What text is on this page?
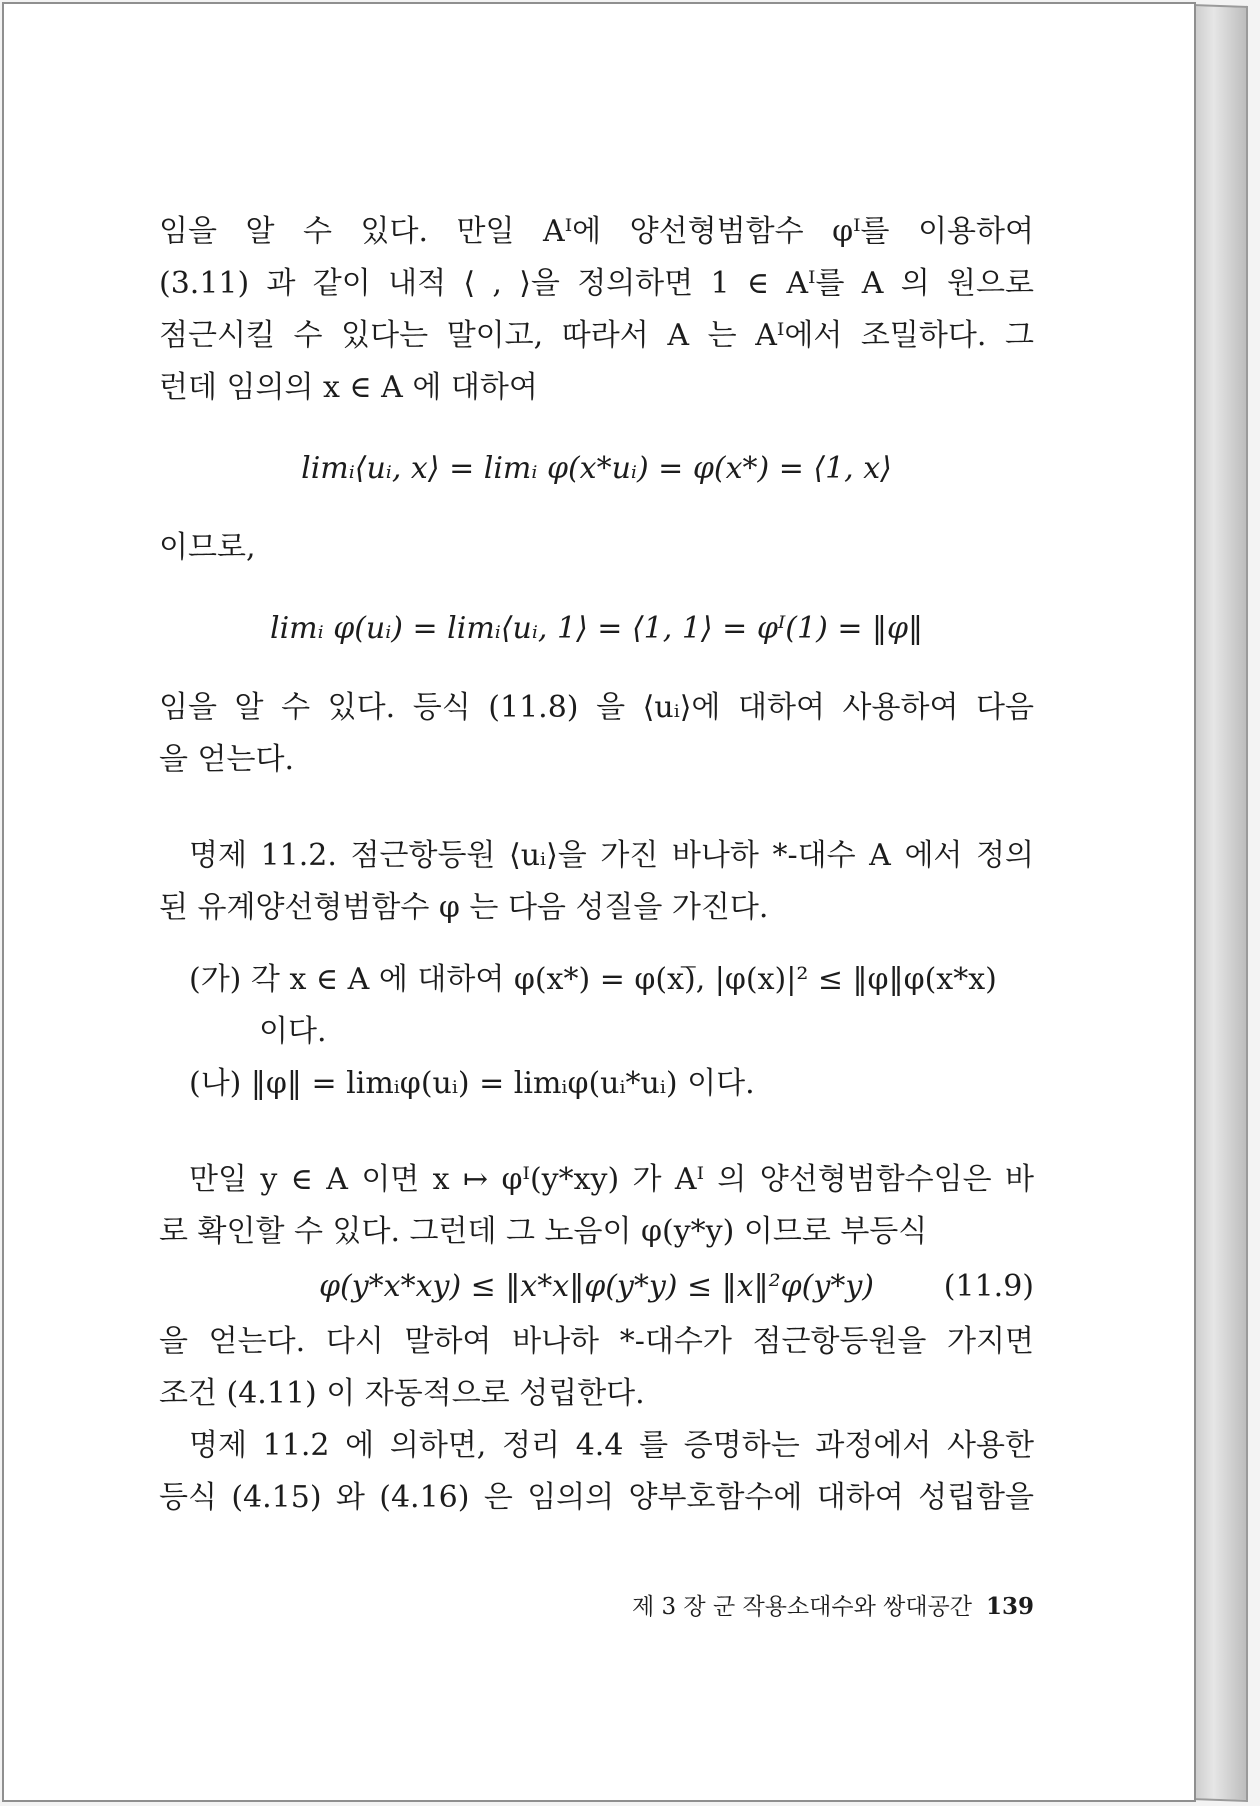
임을 알 수 있다. 만일 Aᴵ에 양선형범함수 φᴵ를 이용하여
(3.11) 과 같이 내적 ⟨ , ⟩을 정의하면 1 ∈ Aᴵ를 A 의 원으로
점근시킬 수 있다는 말이고, 따라서 A 는 Aᴵ에서 조밀하다. 그
런데 임의의 x ∈ A 에 대하여
limᵢ⟨uᵢ, x⟩ = limᵢ φ(x*uᵢ) = φ(x*) = ⟨1, x⟩
이므로,
limᵢ φ(uᵢ) = limᵢ⟨uᵢ, 1⟩ = ⟨1, 1⟩ = φᴵ(1) = ‖φ‖
임을 알 수 있다. 등식 (11.8) 을 ⟨uᵢ⟩에 대하여 사용하여 다음
을 얻는다.
명제 11.2. 점근항등원 ⟨uᵢ⟩을 가진 바나하 *-대수 A 에서 정의
된 유계양선형범함수 φ 는 다음 성질을 가진다.
(가) 각 x ∈ A 에 대하여 φ(x*) = φ(x)̅, |φ(x)|² ≤ ‖φ‖φ(x*x)
이다.
(나) ‖φ‖ = limᵢφ(uᵢ) = limᵢφ(uᵢ*uᵢ) 이다.
만일 y ∈ A 이면 x ↦ φᴵ(y*xy) 가 Aᴵ 의 양선형범함수임은 바
로 확인할 수 있다. 그런데 그 노음이 φ(y*y) 이므로 부등식
φ(y*x*xy) ≤ ‖x*x‖φ(y*y) ≤ ‖x‖²φ(y*y)	(11.9)
을 얻는다. 다시 말하여 바나하 *-대수가 점근항등원을 가지면
조건 (4.11) 이 자동적으로 성립한다.
명제 11.2 에 의하면, 정리 4.4 를 증명하는 과정에서 사용한
등식 (4.15) 와 (4.16) 은 임의의 양부호함수에 대하여 성립함을
제 3 장 군 작용소대수와 쌍대공간 139
